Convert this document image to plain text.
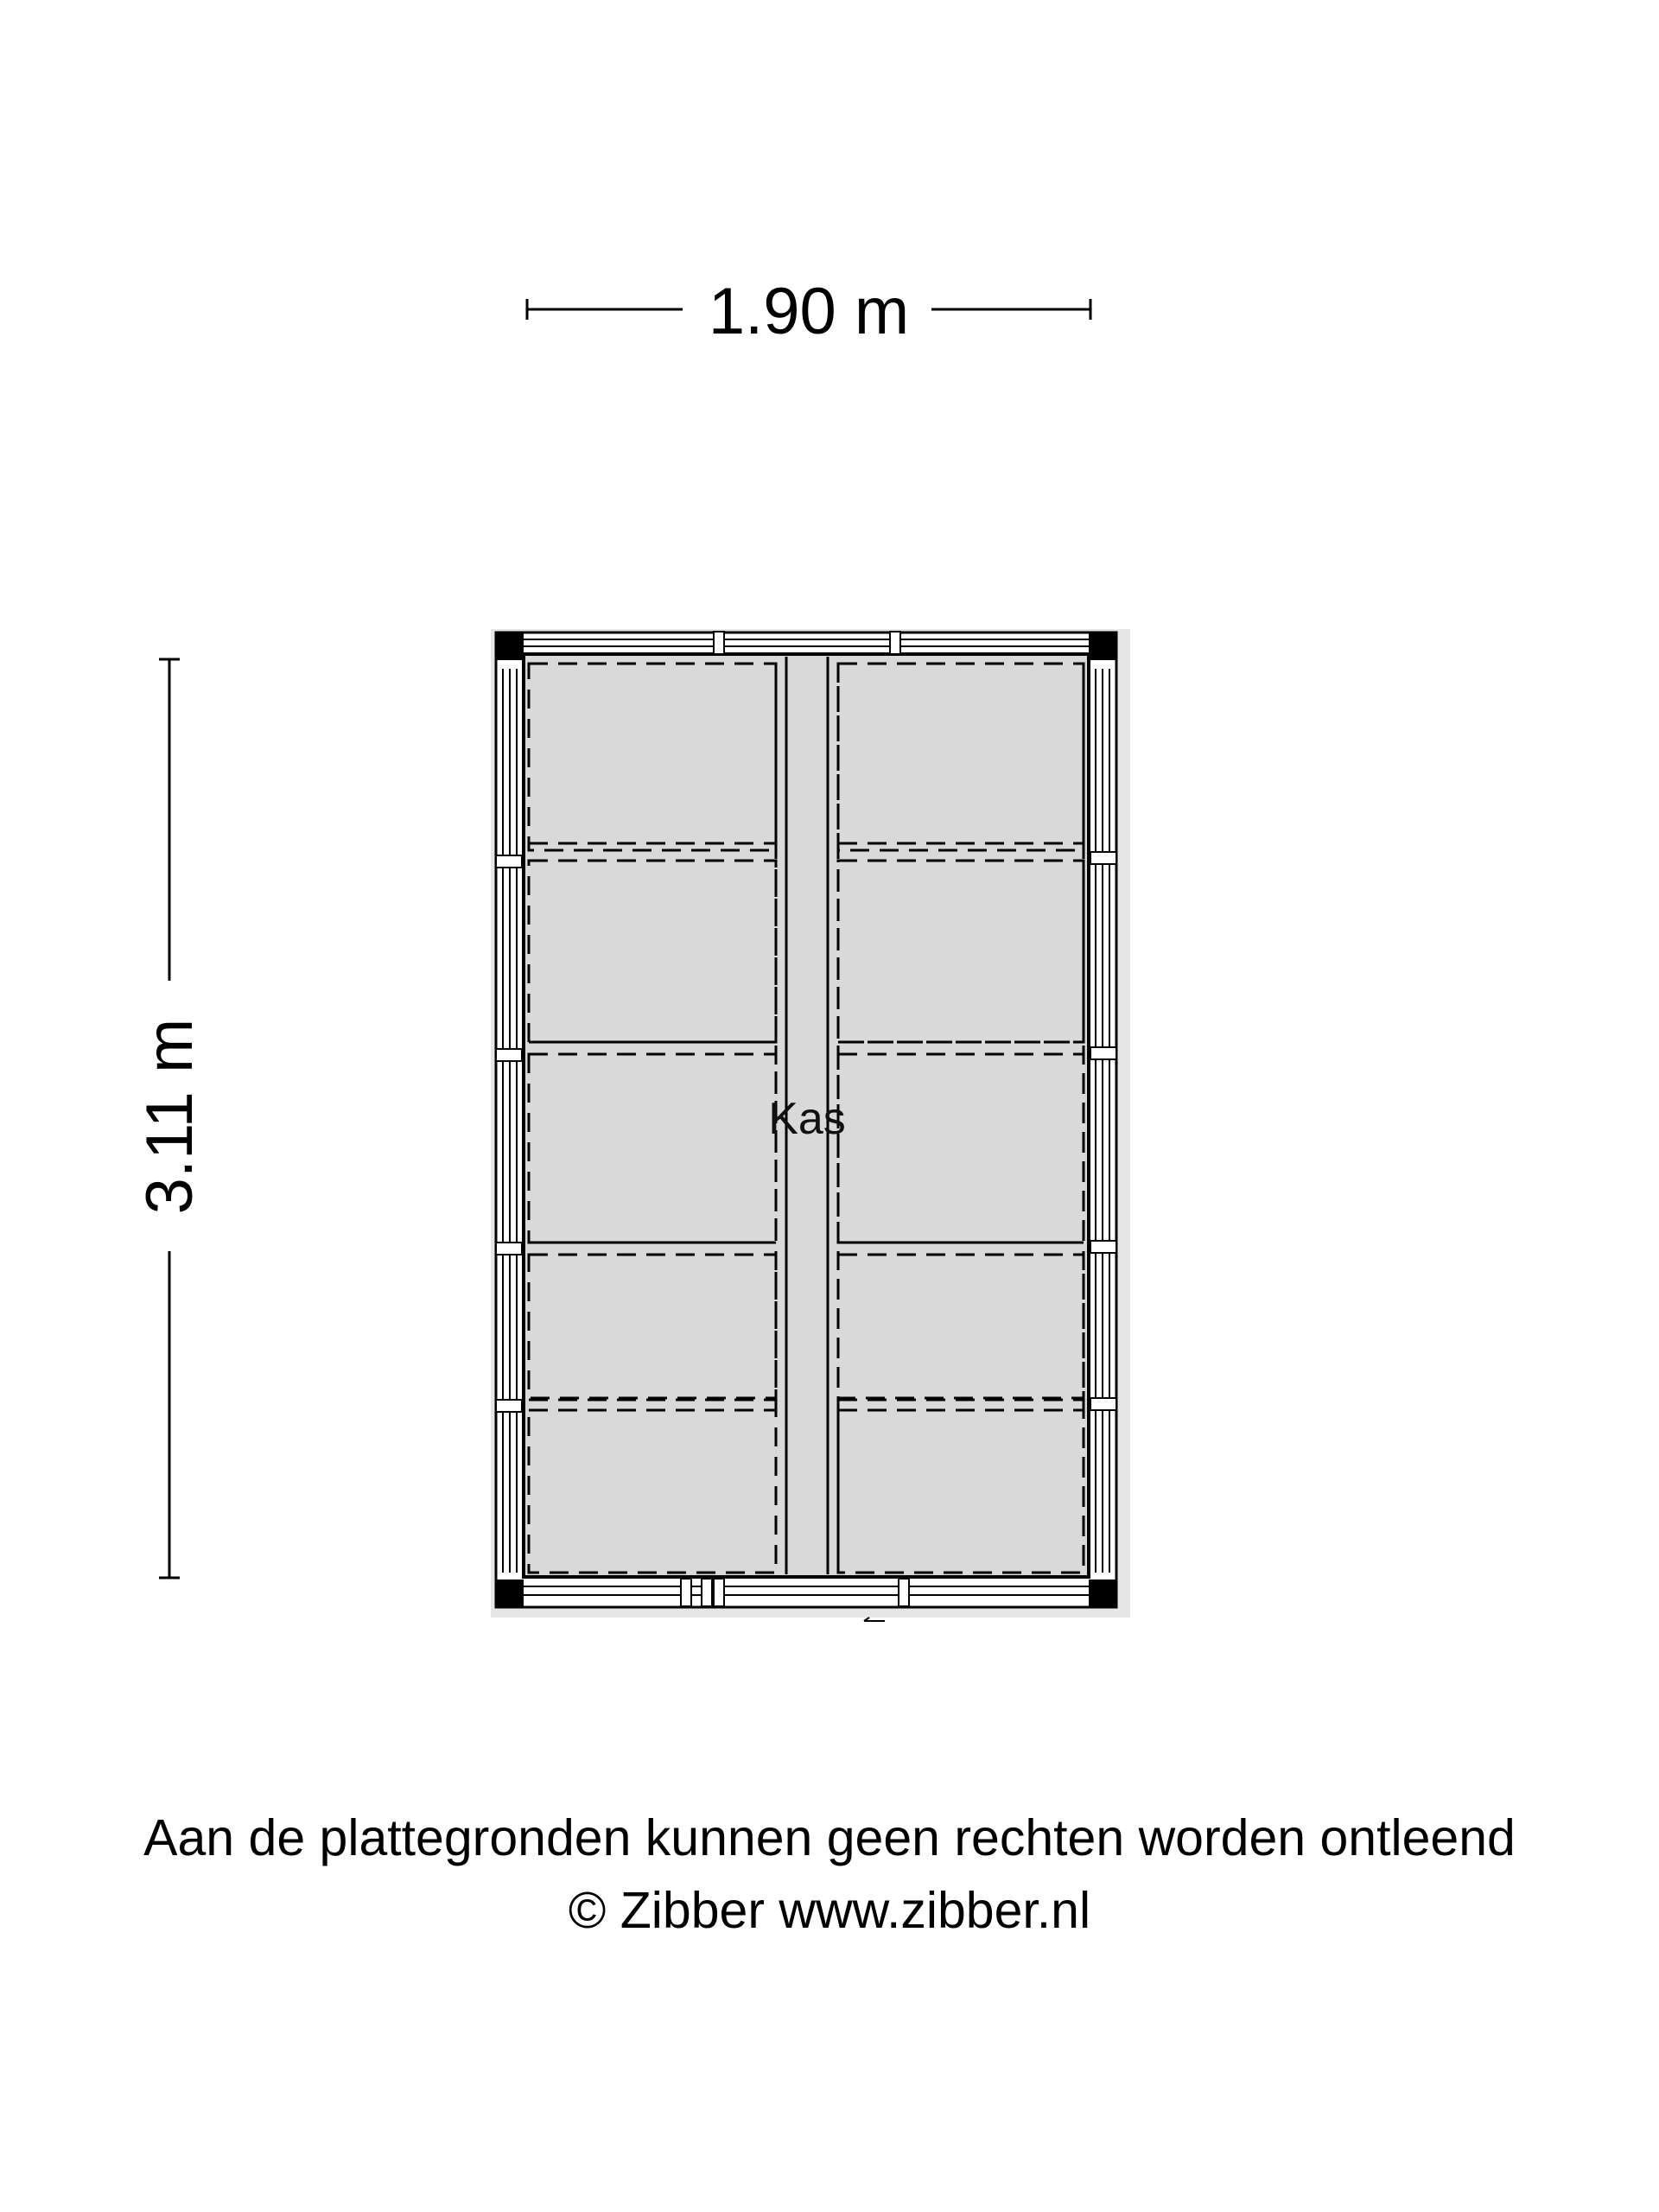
1.90 m
3.11 m	Kas
Aan de plattegronden kunnen geen rechten worden ontleend
© Zibber www.zibber.nl
